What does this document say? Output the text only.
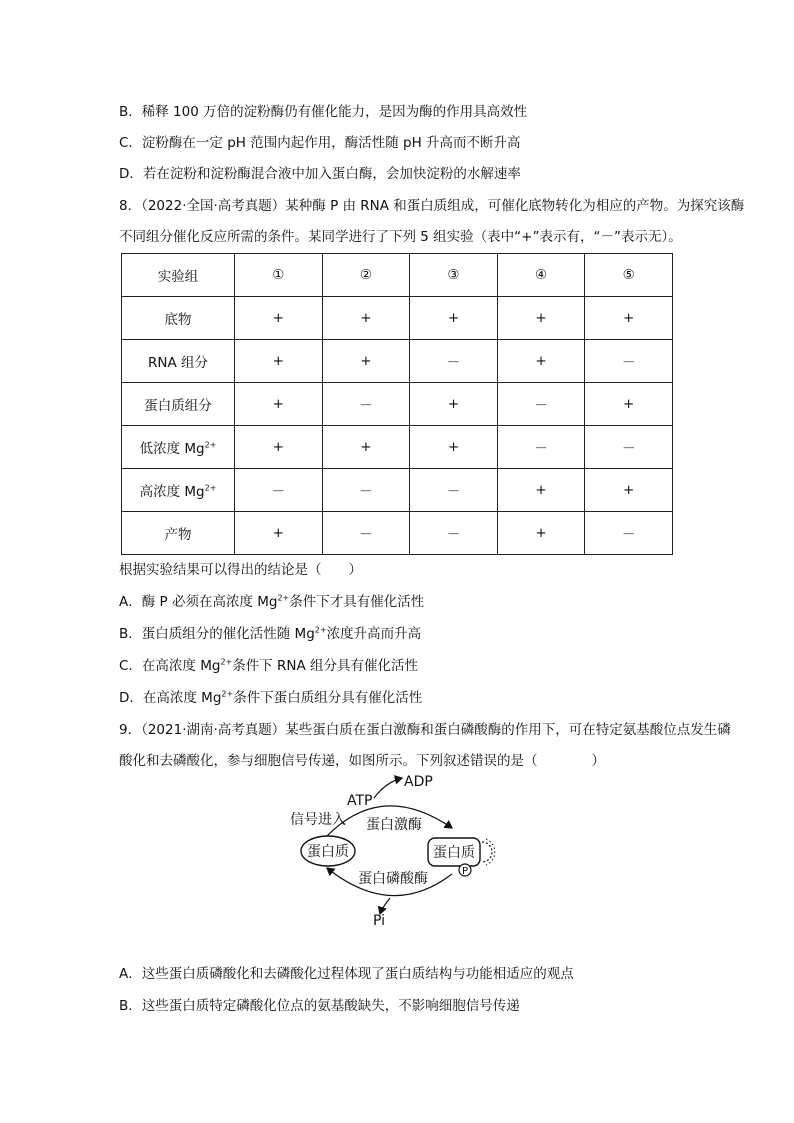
B．稀释 100 万倍的淀粉酶仍有催化能力，是因为酶的作用具高效性
C．淀粉酶在一定 pH 范围内起作用，酶活性随 pH 升高而不断升高
D．若在淀粉和淀粉酶混合液中加入蛋白酶，会加快淀粉的水解速率
8．（2022·全国·高考真题）某种酶 P 由 RNA 和蛋白质组成，可催化底物转化为相应的产物。为探究该酶
不同组分催化反应所需的条件。某同学进行了下列 5 组实验（表中“+”表示有，“－”表示无）。
实验组	①	②	③	④	⑤
底物	+	+	+	+	+
RNA 组分	+	+	－	+	－
蛋白质组分	+	－	+	－	+
低浓度 $Mg^{2+}$	+	+	+	－	－
高浓度 $Mg^{2+}$	－	－	－	+	+
产物	+	－	－	+	－
根据实验结果可以得出的结论是（　　）
A．酶 P 必须在高浓度 $Mg^{2+}$条件下才具有催化活性
B．蛋白质组分的催化活性随 $Mg^{2+}$浓度升高而升高
C．在高浓度 $Mg^{2+}$条件下 RNA 组分具有催化活性
D．在高浓度 $Mg^{2+}$条件下蛋白质组分具有催化活性
9．（2021·湖南·高考真题）某些蛋白质在蛋白激酶和蛋白磷酸酶的作用下，可在特定氨基酸位点发生磷
酸化和去磷酸化，参与细胞信号传递，如图所示。下列叙述错误的是（　　　　）
蛋白质	蛋白质
P
ATP
ADP
信号进入 蛋白激酶
蛋白磷酸酶
Pi
A．这些蛋白质磷酸化和去磷酸化过程体现了蛋白质结构与功能相适应的观点
B．这些蛋白质特定磷酸化位点的氨基酸缺失，不影响细胞信号传递
